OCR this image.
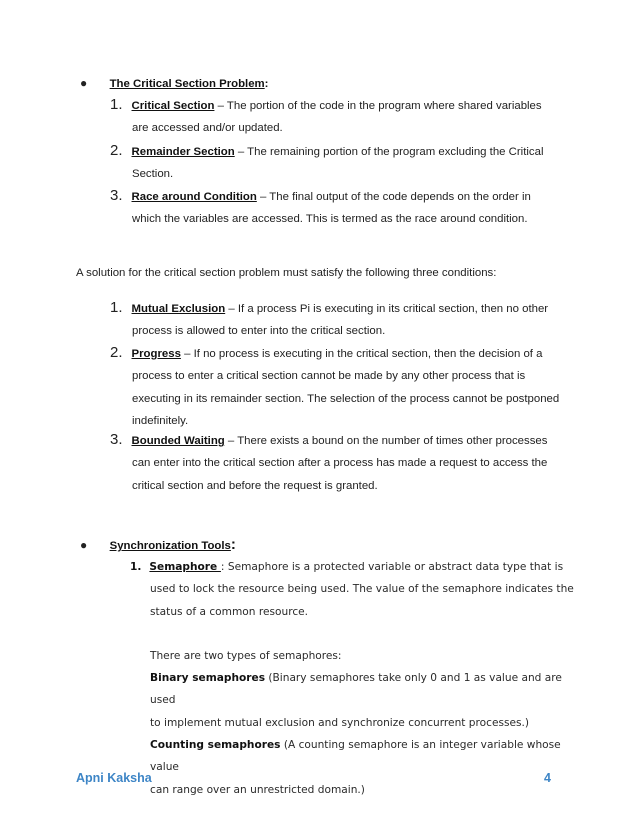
● The Critical Section Problem:
1. Critical Section – The portion of the code in the program where shared variables
are accessed and/or updated.
2. Remainder Section – The remaining portion of the program excluding the Critical
Section.
3. Race around Condition – The final output of the code depends on the order in
which the variables are accessed. This is termed as the race around condition.
A solution for the critical section problem must satisfy the following three conditions:
1. Mutual Exclusion – If a process Pi is executing in its critical section, then no other
process is allowed to enter into the critical section.
2. Progress – If no process is executing in the critical section, then the decision of a
process to enter a critical section cannot be made by any other process that is
executing in its remainder section. The selection of the process cannot be postponed
indefinitely.
3. Bounded Waiting – There exists a bound on the number of times other processes
can enter into the critical section after a process has made a request to access the
critical section and before the request is granted.
● Synchronization Tools:
1. Semaphore : Semaphore is a protected variable or abstract data type that is
used to lock the resource being used. The value of the semaphore indicates the
status of a common resource.
There are two types of semaphores:
Binary semaphores (Binary semaphores take only 0 and 1 as value and are used
to implement mutual exclusion and synchronize concurrent processes.)
Counting semaphores (A counting semaphore is an integer variable whose value
can range over an unrestricted domain.)
Apni Kaksha	4
